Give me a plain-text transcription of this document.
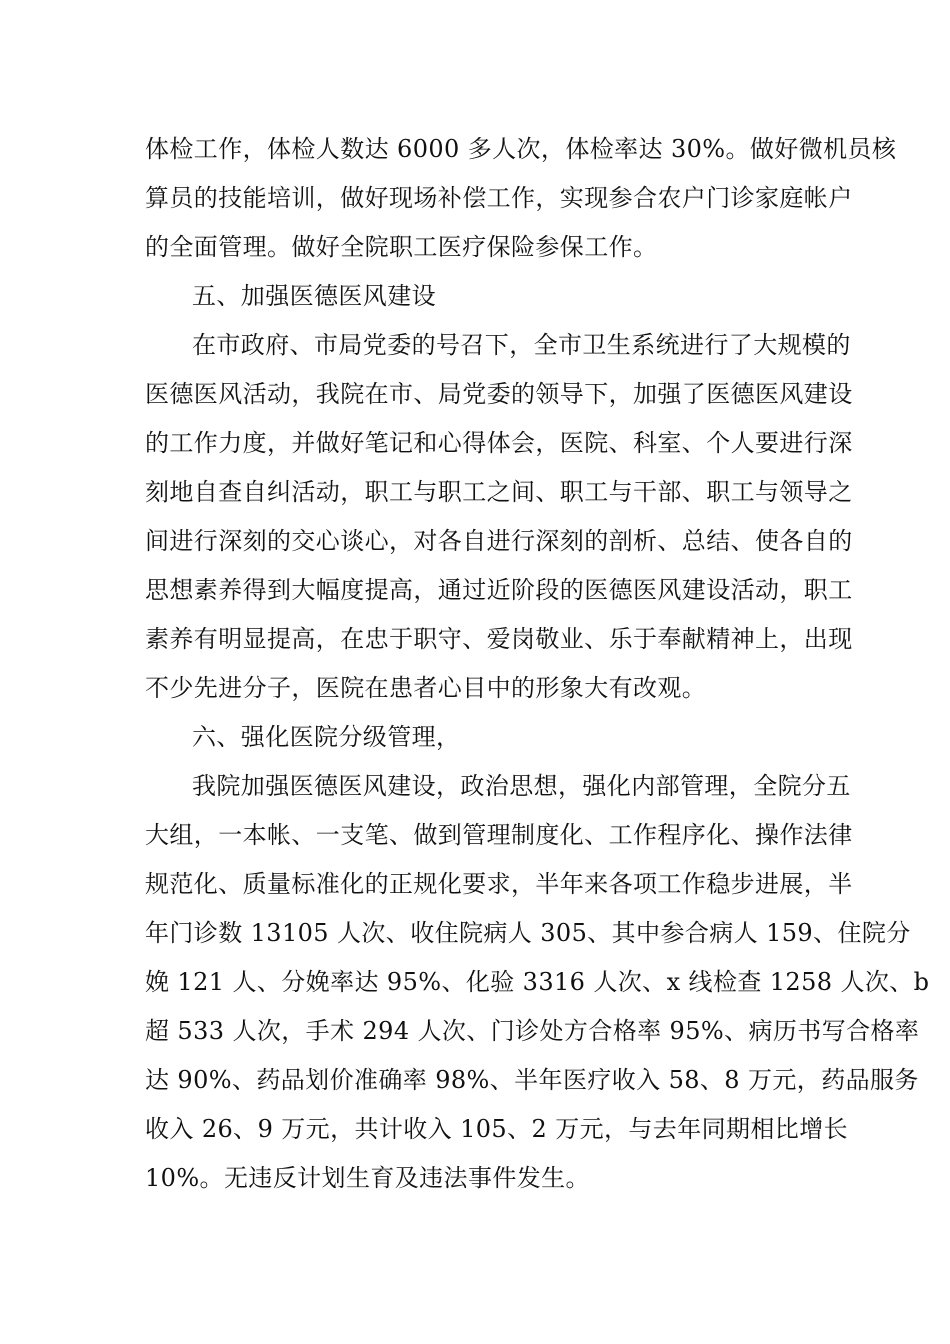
体检工作，体检人数达 6000 多人次，体检率达 30%。做好微机员核
算员的技能培训，做好现场补偿工作，实现参合农户门诊家庭帐户
的全面管理。做好全院职工医疗保险参保工作。
五、加强医德医风建设
在市政府、市局党委的号召下，全市卫生系统进行了大规模的
医德医风活动，我院在市、局党委的领导下，加强了医德医风建设
的工作力度，并做好笔记和心得体会，医院、科室、个人要进行深
刻地自查自纠活动，职工与职工之间、职工与干部、职工与领导之
间进行深刻的交心谈心，对各自进行深刻的剖析、总结、使各自的
思想素养得到大幅度提高，通过近阶段的医德医风建设活动，职工
素养有明显提高，在忠于职守、爱岗敬业、乐于奉献精神上，出现
不少先进分子，医院在患者心目中的形象大有改观。
六、强化医院分级管理，
我院加强医德医风建设，政治思想，强化内部管理，全院分五
大组，一本帐、一支笔、做到管理制度化、工作程序化、操作法律
规范化、质量标准化的正规化要求，半年来各项工作稳步进展，半
年门诊数 13105 人次、收住院病人 305、其中参合病人 159、住院分
娩 121 人、分娩率达 95%、化验 3316 人次、x 线检查 1258 人次、b
超 533 人次，手术 294 人次、门诊处方合格率 95%、病历书写合格率
达 90%、药品划价准确率 98%、半年医疗收入 58、8 万元，药品服务
收入 26、9 万元，共计收入 105、2 万元，与去年同期相比增长
10%。无违反计划生育及违法事件发生。
